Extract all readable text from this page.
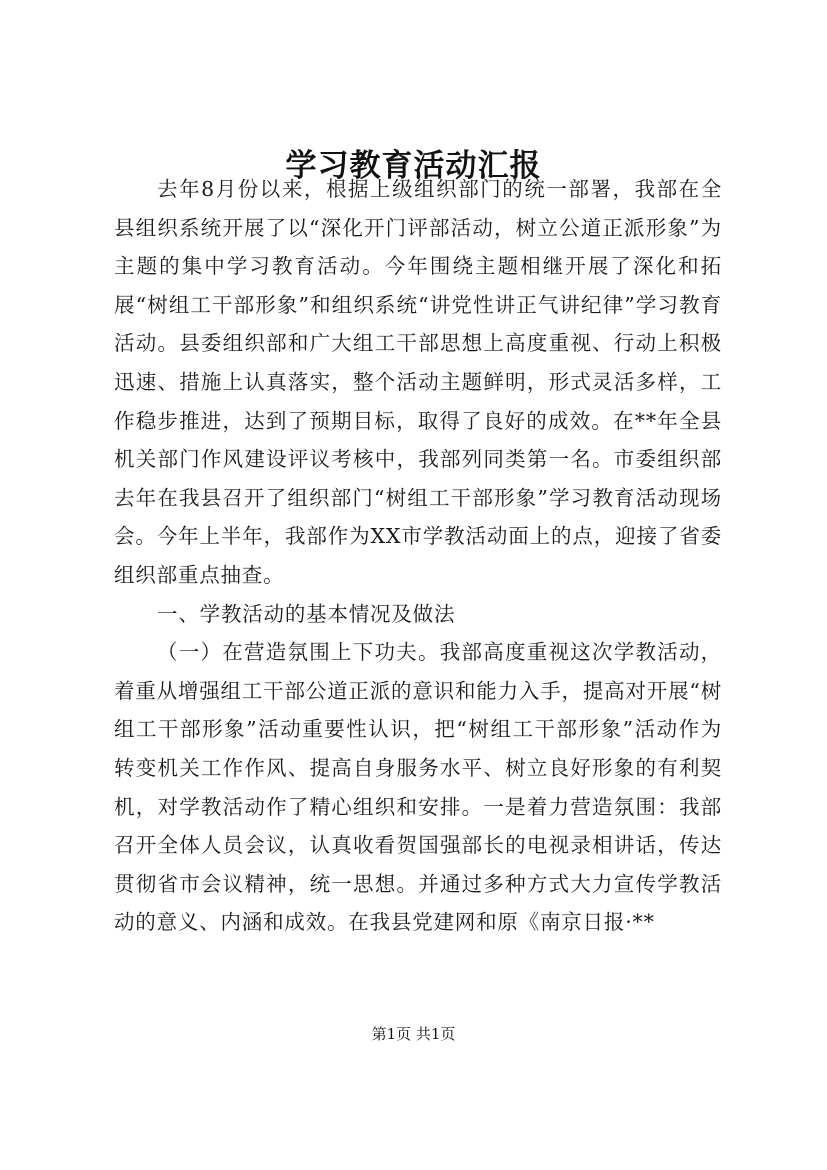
学习教育活动汇报

去年8月份以来，根据上级组织部门的统一部署，我部在全县组织系统开展了以“深化开门评部活动，树立公道正派形象”为主题的集中学习教育活动。今年围绕主题相继开展了深化和拓展“树组工干部形象”和组织系统“讲党性讲正气讲纪律”学习教育活动。县委组织部和广大组工干部思想上高度重视、行动上积极迅速、措施上认真落实，整个活动主题鲜明，形式灵活多样，工作稳步推进，达到了预期目标，取得了良好的成效。在**年全县机关部门作风建设评议考核中，我部列同类第一名。市委组织部去年在我县召开了组织部门“树组工干部形象”学习教育活动现场会。今年上半年，我部作为XX市学教活动面上的点，迎接了省委组织部重点抽查。

一、学教活动的基本情况及做法

（一）在营造氛围上下功夫。我部高度重视这次学教活动，着重从增强组工干部公道正派的意识和能力入手，提高对开展“树组工干部形象”活动重要性认识，把“树组工干部形象”活动作为转变机关工作作风、提高自身服务水平、树立良好形象的有利契机，对学教活动作了精心组织和安排。一是着力营造氛围：我部召开全体人员会议，认真收看贺国强部长的电视录相讲话，传达贯彻省市会议精神，统一思想。并通过多种方式大力宣传学教活动的意义、内涵和成效。在我县党建网和原《南京日报·**

第1页 共1页
